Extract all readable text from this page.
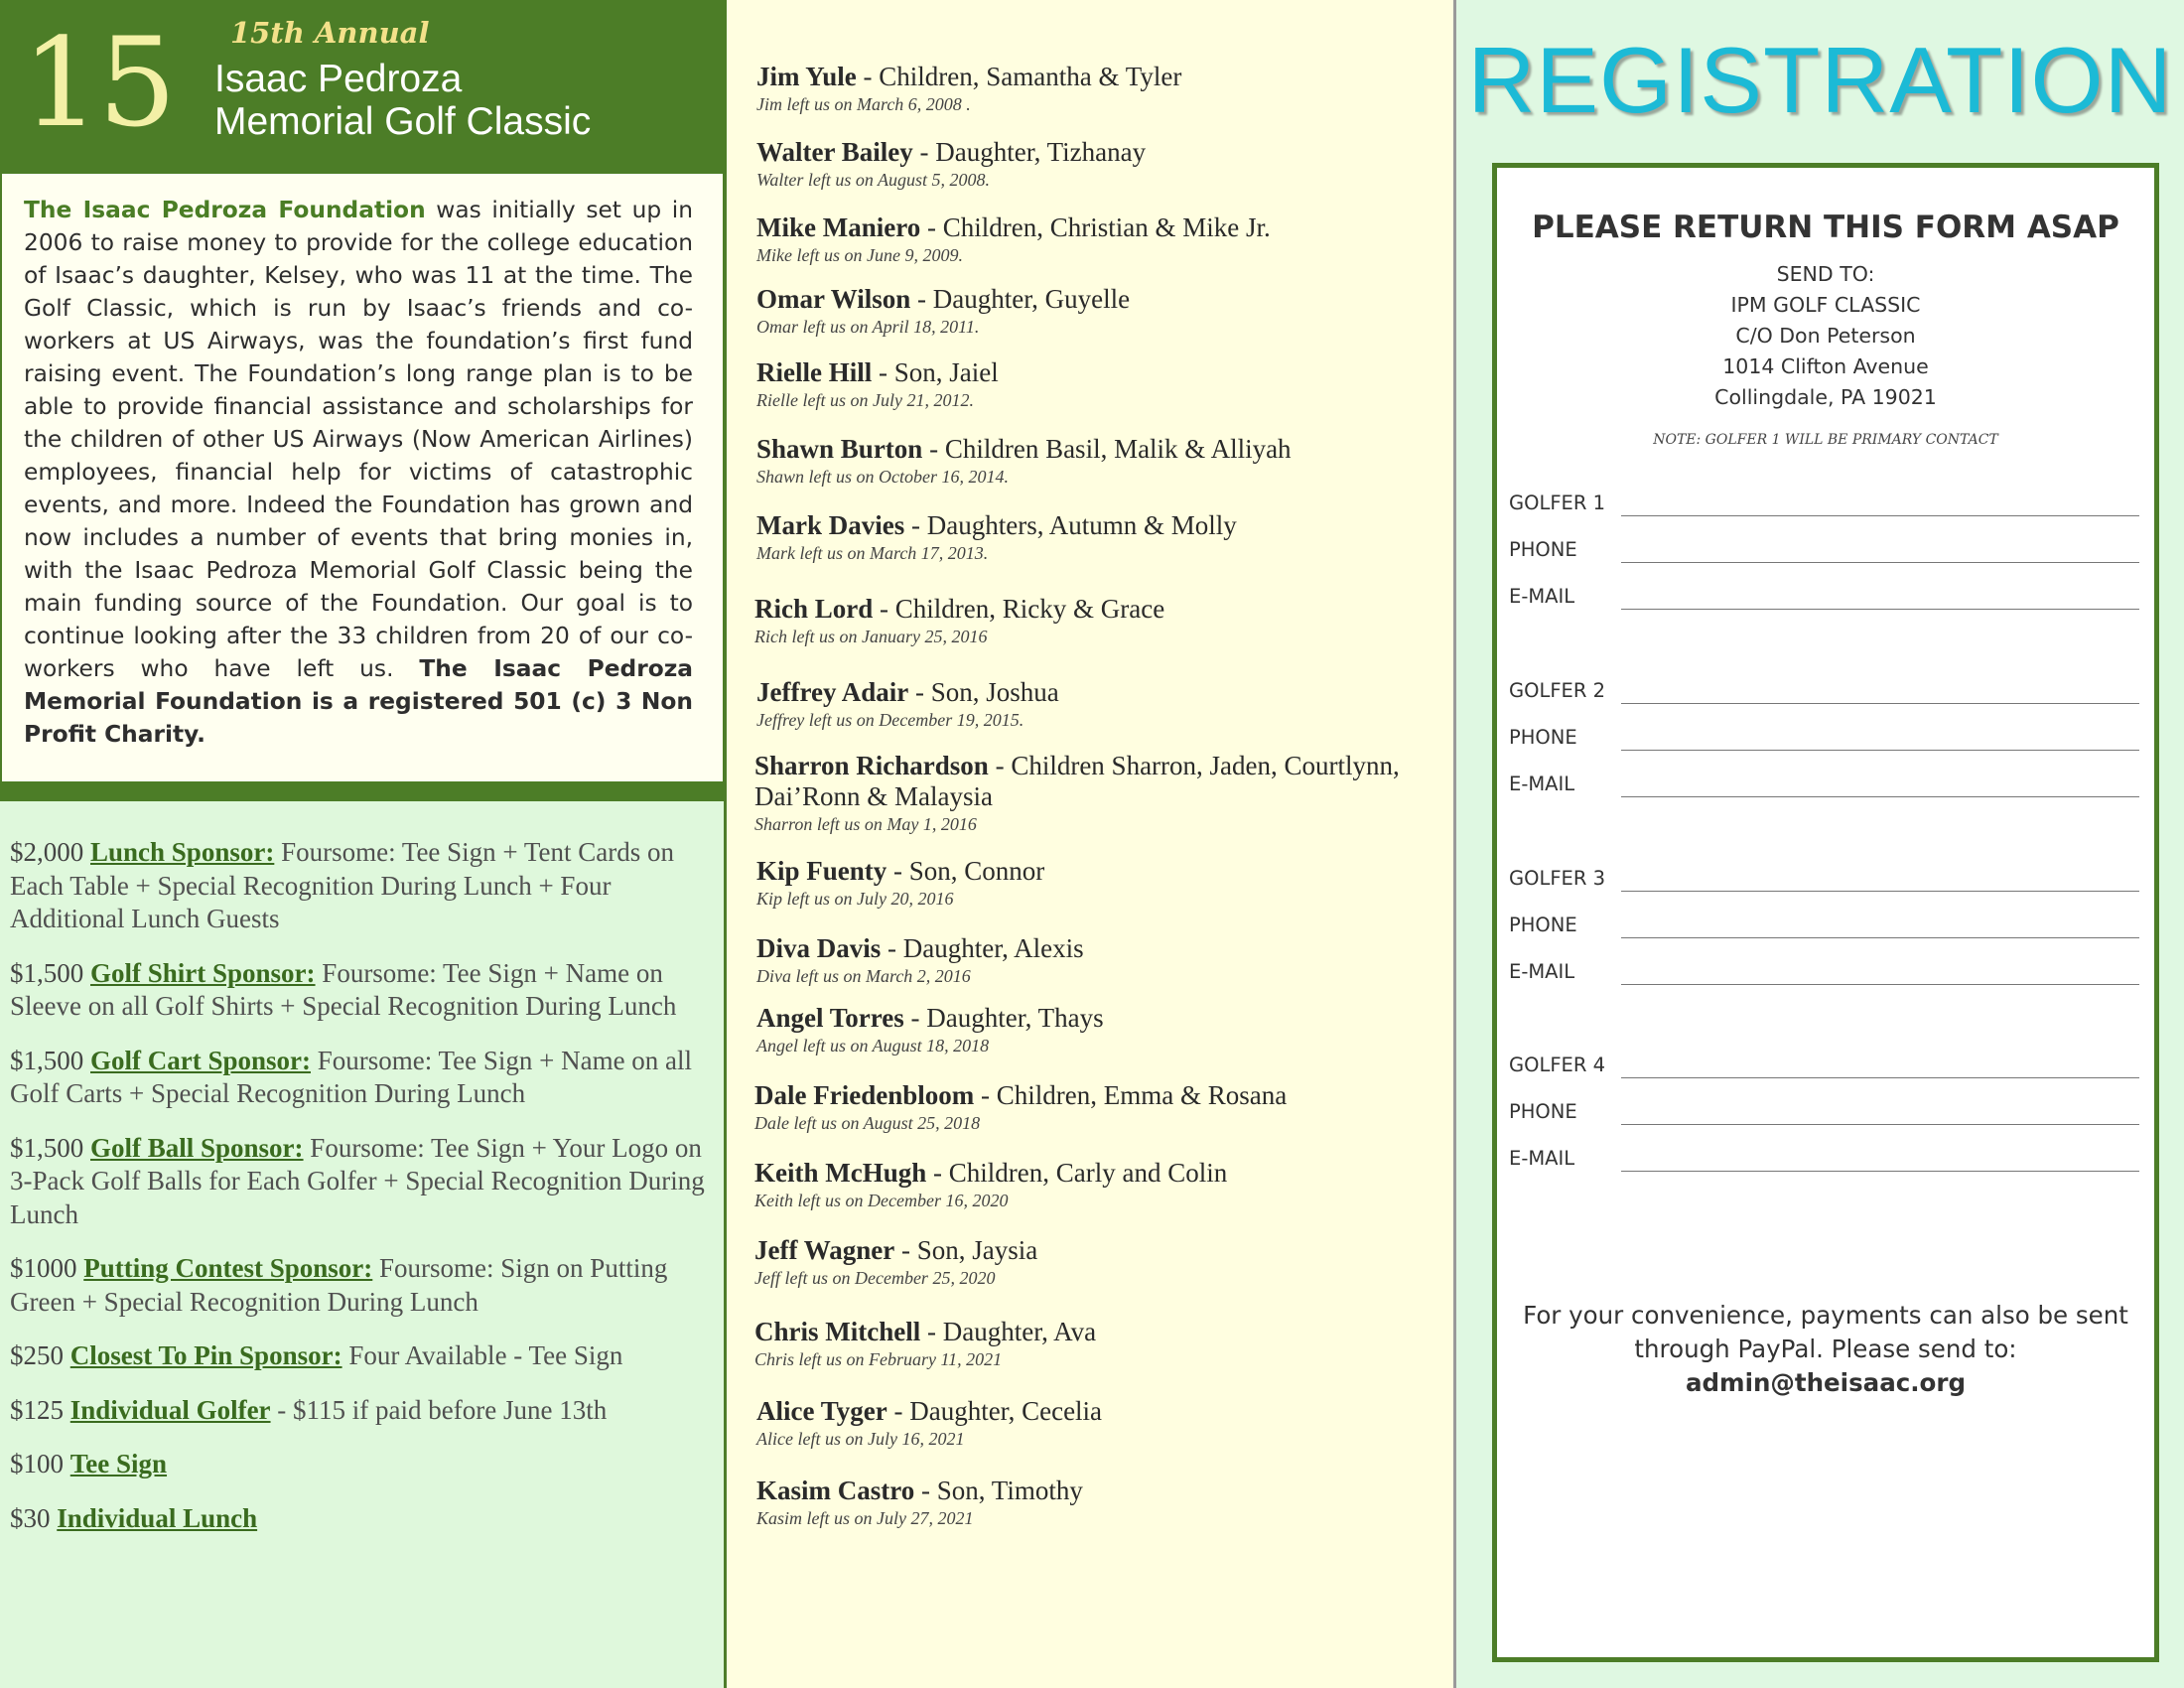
15 15th Annual
Isaac Pedroza
Memorial Golf Classic

The Isaac Pedroza Foundation was initially set up in 2006 to raise money to provide for the college education of Isaac’s daughter, Kelsey, who was 11 at the time. The Golf Classic, which is run by Isaac’s friends and co-workers at US Airways, was the foundation’s first fund raising event. The Foundation’s long range plan is to be able to provide financial assistance and scholarships for the children of other US Airways (Now American Airlines) employees, financial help for victims of catastrophic events, and more. Indeed the Foundation has grown and now includes a number of events that bring monies in, with the Isaac Pedroza Memorial Golf Classic being the main funding source of the Foundation. Our goal is to continue looking after the 33 children from 20 of our co-workers who have left us. The Isaac Pedroza Memorial Foundation is a registered 501 (c) 3 Non Profit Charity.

$2,000 Lunch Sponsor: Foursome: Tee Sign + Tent Cards on Each Table + Special Recognition During Lunch + Four Additional Lunch Guests
$1,500 Golf Shirt Sponsor: Foursome: Tee Sign + Name on Sleeve on all Golf Shirts + Special Recognition During Lunch
$1,500 Golf Cart Sponsor: Foursome: Tee Sign + Name on all Golf Carts + Special Recognition During Lunch
$1,500 Golf Ball Sponsor: Foursome: Tee Sign + Your Logo on 3-Pack Golf Balls for Each Golfer + Special Recognition During Lunch
$1000 Putting Contest Sponsor: Foursome: Sign on Putting Green + Special Recognition During Lunch
$250 Closest To Pin Sponsor: Four Available - Tee Sign
$125 Individual Golfer - $115 if paid before June 13th
$100 Tee Sign
$30 Individual Lunch
Jim Yule - Children, Samantha & Tyler
Jim left us on March 6, 2008 .
Walter Bailey - Daughter, Tizhanay
Walter left us on August 5, 2008.
Mike Maniero - Children, Christian & Mike Jr.
Mike left us on June 9, 2009.
Omar Wilson - Daughter, Guyelle
Omar left us on April 18, 2011.
Rielle Hill - Son, Jaiel
Rielle left us on July 21, 2012.
Shawn Burton - Children Basil, Malik & Alliyah
Shawn left us on October 16, 2014.
Mark Davies - Daughters, Autumn & Molly
Mark left us on March 17, 2013.
Rich Lord - Children, Ricky & Grace
Rich left us on January 25, 2016
Jeffrey Adair - Son, Joshua
Jeffrey left us on December 19, 2015.
Sharron Richardson - Children Sharron, Jaden, Courtlynn, Dai’Ronn & Malaysia
Sharron left us on May 1, 2016
Kip Fuenty - Son, Connor
Kip left us on July 20, 2016
Diva Davis - Daughter, Alexis
Diva left us on March 2, 2016
Angel Torres - Daughter, Thays
Angel left us on August 18, 2018
Dale Friedenbloom - Children, Emma & Rosana
Dale left us on August 25, 2018
Keith McHugh - Children, Carly and Colin
Keith left us on December 16, 2020
Jeff Wagner - Son, Jaysia
Jeff left us on December 25, 2020
Chris Mitchell - Daughter, Ava
Chris left us on February 11, 2021
Alice Tyger - Daughter, Cecelia
Alice left us on July 16, 2021
Kasim Castro - Son, Timothy
Kasim left us on July 27, 2021
REGISTRATION
PLEASE RETURN THIS FORM ASAP
SEND TO:
IPM GOLF CLASSIC
C/O Don Peterson
1014 Clifton Avenue
Collingdale, PA 19021
NOTE: GOLFER 1 WILL BE PRIMARY CONTACT
GOLFER 1
PHONE
E-MAIL
GOLFER 2
PHONE
E-MAIL
GOLFER 3
PHONE
E-MAIL
GOLFER 4
PHONE
E-MAIL
For your convenience, payments can also be sent through PayPal. Please send to:
admin@theisaac.org
